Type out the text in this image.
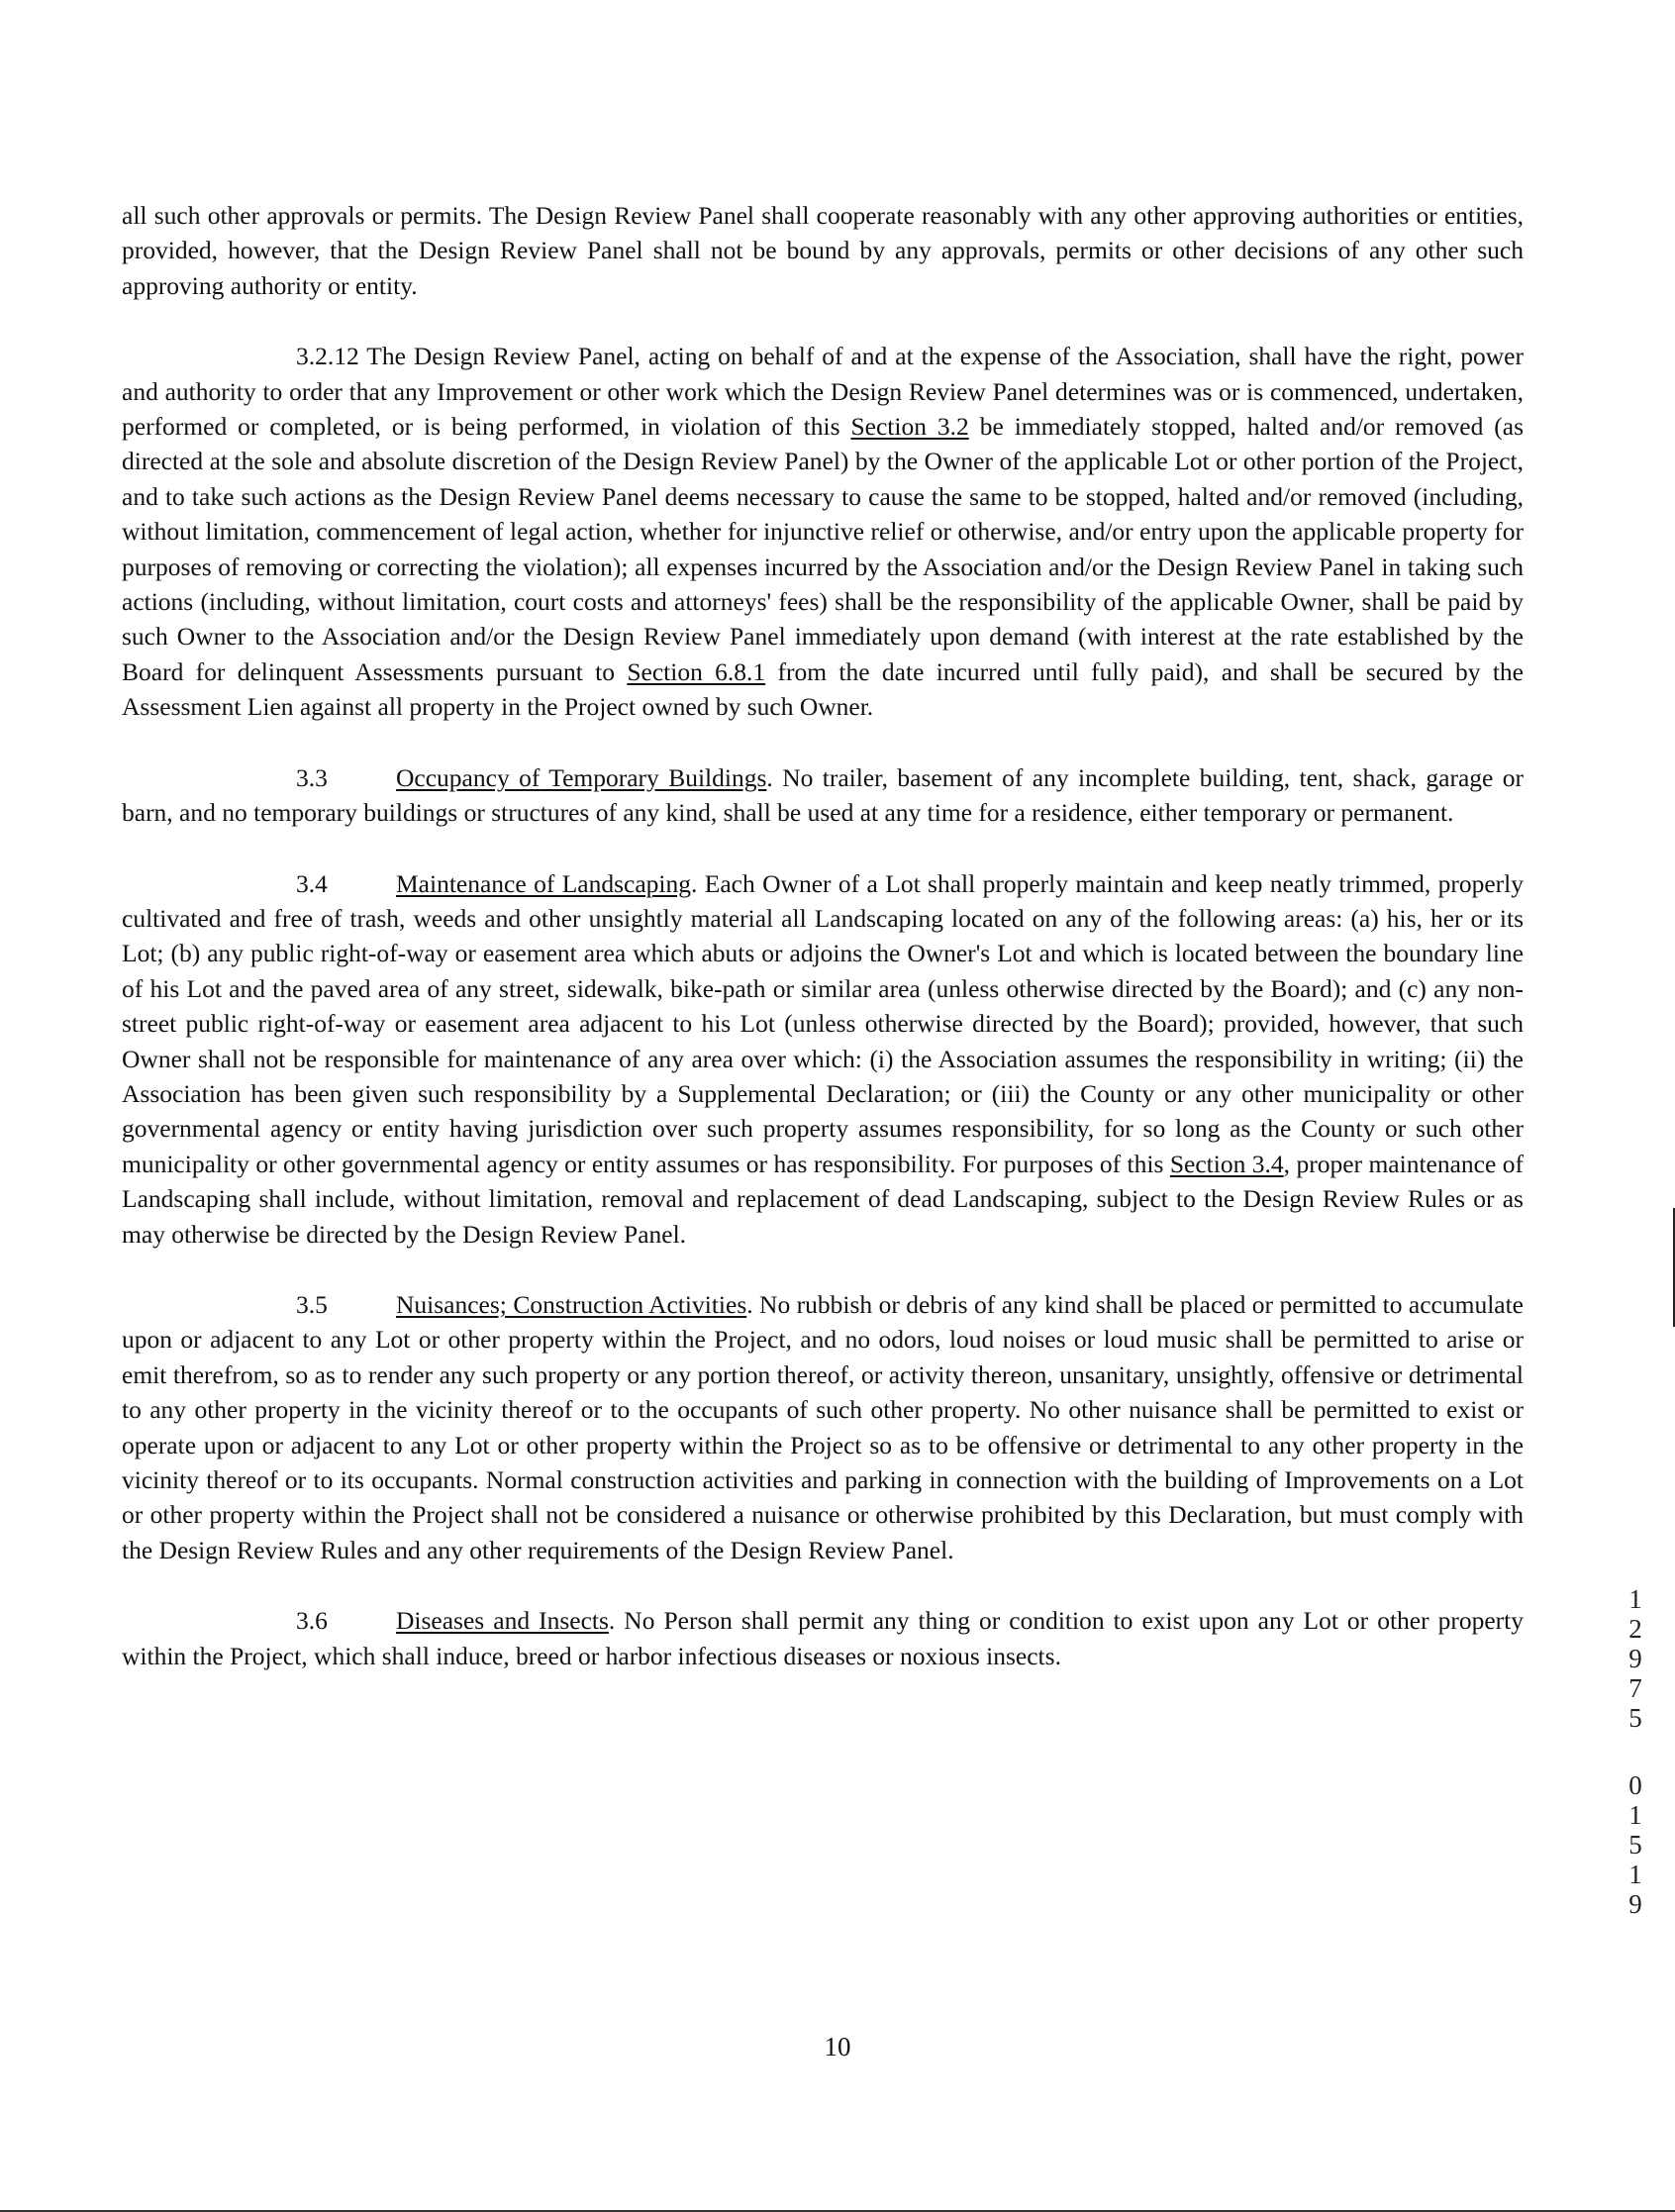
all such other approvals or permits. The Design Review Panel shall cooperate reasonably with any other approving authorities or entities, provided, however, that the Design Review Panel shall not be bound by any approvals, permits or other decisions of any other such approving authority or entity.

3.2.12 The Design Review Panel, acting on behalf of and at the expense of the Association, shall have the right, power and authority to order that any Improvement or other work which the Design Review Panel determines was or is commenced, undertaken, performed or completed, or is being performed, in violation of this Section 3.2 be immediately stopped, halted and/or removed (as directed at the sole and absolute discretion of the Design Review Panel) by the Owner of the applicable Lot or other portion of the Project, and to take such actions as the Design Review Panel deems necessary to cause the same to be stopped, halted and/or removed (including, without limitation, commencement of legal action, whether for injunctive relief or otherwise, and/or entry upon the applicable property for purposes of removing or correcting the violation); all expenses incurred by the Association and/or the Design Review Panel in taking such actions (including, without limitation, court costs and attorneys' fees) shall be the responsibility of the applicable Owner, shall be paid by such Owner to the Association and/or the Design Review Panel immediately upon demand (with interest at the rate established by the Board for delinquent Assessments pursuant to Section 6.8.1 from the date incurred until fully paid), and shall be secured by the Assessment Lien against all property in the Project owned by such Owner.

3.3	Occupancy of Temporary Buildings. No trailer, basement of any incomplete building, tent, shack, garage or barn, and no temporary buildings or structures of any kind, shall be used at any time for a residence, either temporary or permanent.

3.4	Maintenance of Landscaping. Each Owner of a Lot shall properly maintain and keep neatly trimmed, properly cultivated and free of trash, weeds and other unsightly material all Landscaping located on any of the following areas: (a) his, her or its Lot; (b) any public right-of-way or easement area which abuts or adjoins the Owner's Lot and which is located between the boundary line of his Lot and the paved area of any street, sidewalk, bike-path or similar area (unless otherwise directed by the Board); and (c) any non-street public right-of-way or easement area adjacent to his Lot (unless otherwise directed by the Board); provided, however, that such Owner shall not be responsible for maintenance of any area over which: (i) the Association assumes the responsibility in writing; (ii) the Association has been given such responsibility by a Supplemental Declaration; or (iii) the County or any other municipality or other governmental agency or entity having jurisdiction over such property assumes responsibility, for so long as the County or such other municipality or other governmental agency or entity assumes or has responsibility. For purposes of this Section 3.4, proper maintenance of Landscaping shall include, without limitation, removal and replacement of dead Landscaping, subject to the Design Review Rules or as may otherwise be directed by the Design Review Panel.

3.5	Nuisances; Construction Activities. No rubbish or debris of any kind shall be placed or permitted to accumulate upon or adjacent to any Lot or other property within the Project, and no odors, loud noises or loud music shall be permitted to arise or emit therefrom, so as to render any such property or any portion thereof, or activity thereon, unsanitary, unsightly, offensive or detrimental to any other property in the vicinity thereof or to the occupants of such other property. No other nuisance shall be permitted to exist or operate upon or adjacent to any Lot or other property within the Project so as to be offensive or detrimental to any other property in the vicinity thereof or to its occupants. Normal construction activities and parking in connection with the building of Improvements on a Lot or other property within the Project shall not be considered a nuisance or otherwise prohibited by this Declaration, but must comply with the Design Review Rules and any other requirements of the Design Review Panel.

3.6	Diseases and Insects. No Person shall permit any thing or condition to exist upon any Lot or other property within the Project, which shall induce, breed or harbor infectious diseases or noxious insects.

10
1
2
9
7
5
0
1
5
1
9
